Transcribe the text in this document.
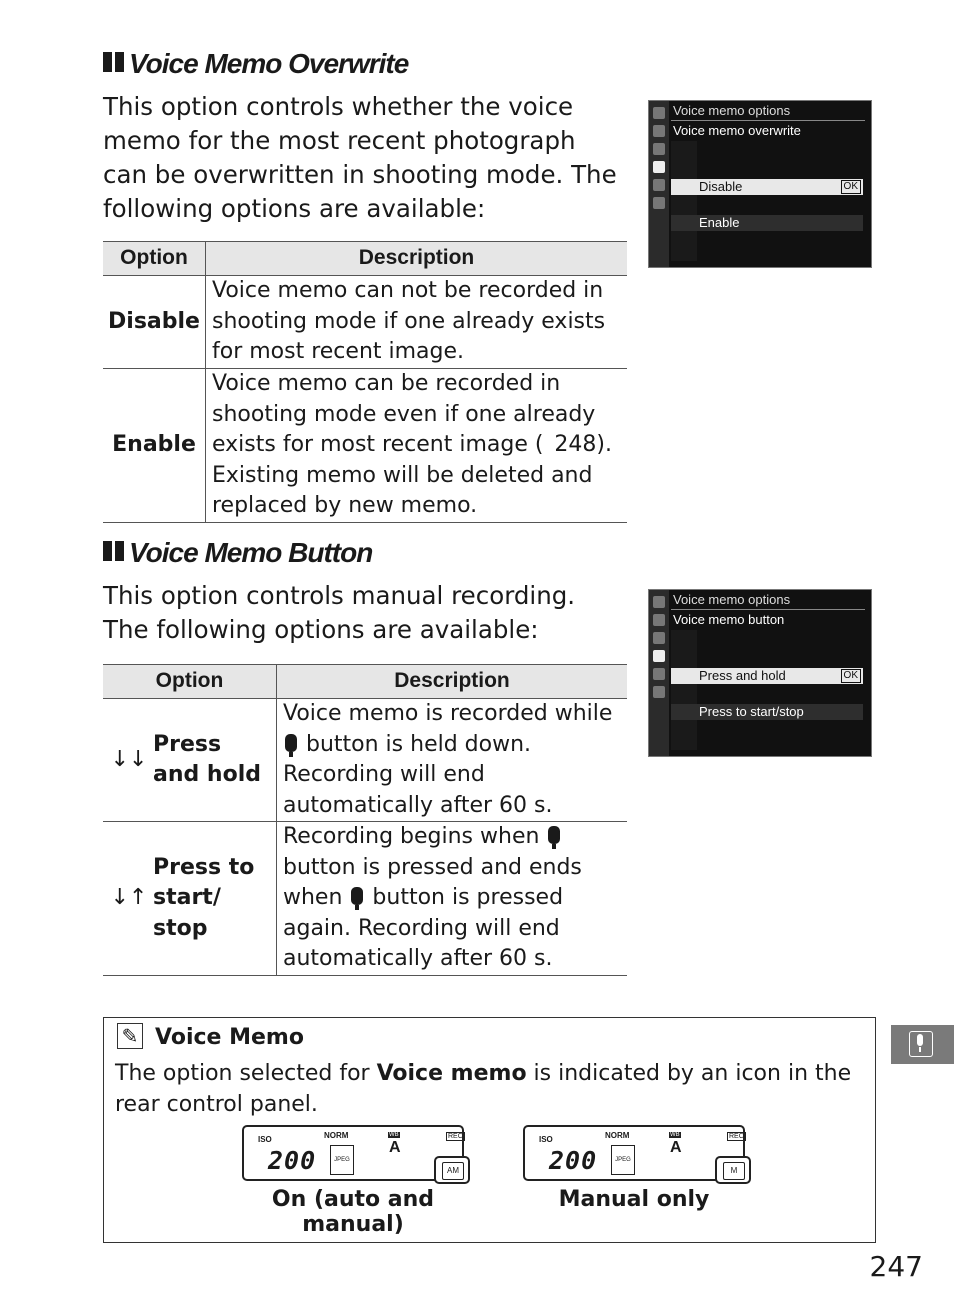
Voice Memo Overwrite

This option controls whether the voice memo for the most recent photograph can be overwritten in shooting mode. The following options are available:

Voice memo options
Voice memo overwrite
Disable	OK
Enable
Option	Description
Disable	Voice memo can not be recorded in shooting mode if one already exists for most recent image.
Enable	Voice memo can be recorded in shooting mode even if one already exists for most recent image ( 248). Existing memo will be deleted and replaced by new memo.
Voice Memo Button

This option controls manual recording. The following options are available:

Voice memo options
Voice memo button
Press and hold	OK
Press to start/stop
Option	Description

↓↓
Press and hold	Voice memo is recorded while  button is held down. Recording will end automatically after 60 s.

↓↑
Press to start/ stop	Recording begins when  button is pressed and ends when button is pressed again. Recording will end automatically after 60 s.
✎ Voice Memo
The option selected for Voice memo is indicated by an icon in the rear control panel.
ISO	NORM
200	JPEG
WB
A
REC
AM
On (auto and manual)
ISO	NORM
200	JPEG
WB
A
REC
M
Manual only
247
